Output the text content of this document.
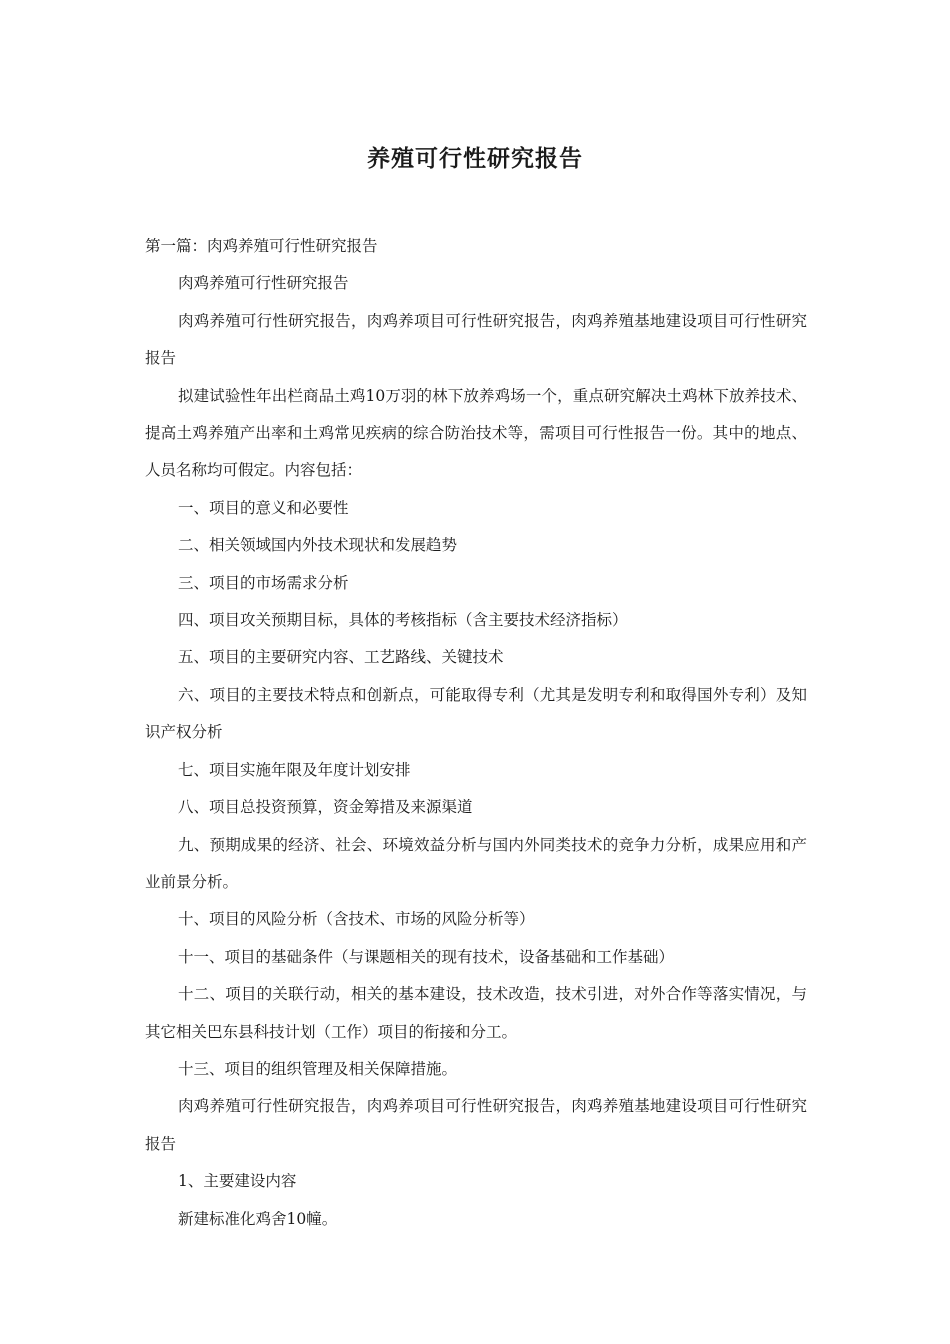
养殖可行性研究报告

第一篇：肉鸡养殖可行性研究报告

肉鸡养殖可行性研究报告

肉鸡养殖可行性研究报告，肉鸡养项目可行性研究报告，肉鸡养殖基地建设项目可行性研究报告

拟建试验性年出栏商品土鸡10万羽的林下放养鸡场一个，重点研究解决土鸡林下放养技术、提高土鸡养殖产出率和土鸡常见疾病的综合防治技术等，需项目可行性报告一份。其中的地点、人员名称均可假定。内容包括：

一、项目的意义和必要性

二、相关领域国内外技术现状和发展趋势

三、项目的市场需求分析

四、项目攻关预期目标，具体的考核指标（含主要技术经济指标）

五、项目的主要研究内容、工艺路线、关键技术

六、项目的主要技术特点和创新点，可能取得专利（尤其是发明专利和取得国外专利）及知识产权分析

七、项目实施年限及年度计划安排

八、项目总投资预算，资金筹措及来源渠道

九、预期成果的经济、社会、环境效益分析与国内外同类技术的竞争力分析，成果应用和产业前景分析。

十、项目的风险分析（含技术、市场的风险分析等）

十一、项目的基础条件（与课题相关的现有技术，设备基础和工作基础）

十二、项目的关联行动，相关的基本建设，技术改造，技术引进，对外合作等落实情况，与其它相关巴东县科技计划（工作）项目的衔接和分工。

十三、项目的组织管理及相关保障措施。

肉鸡养殖可行性研究报告，肉鸡养项目可行性研究报告，肉鸡养殖基地建设项目可行性研究报告

1、主要建设内容

新建标准化鸡舍10幢。
